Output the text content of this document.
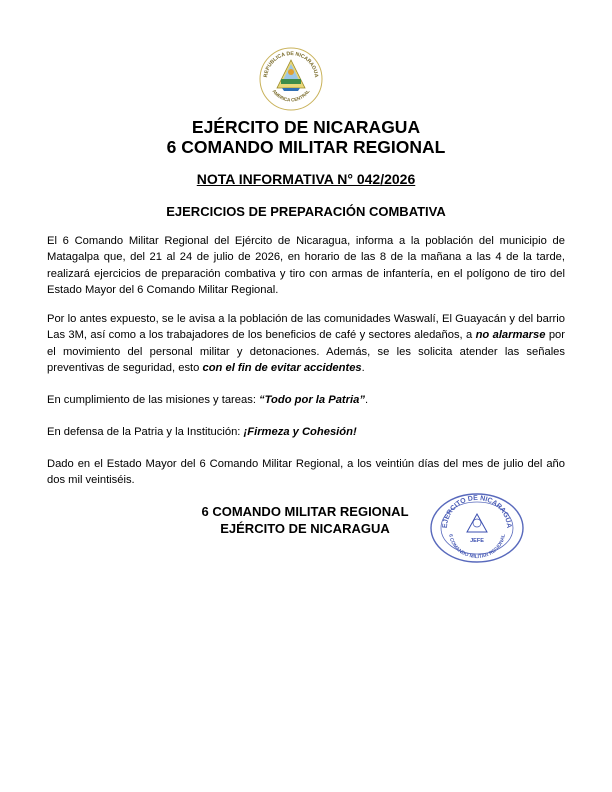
REPUBLICA DE NICARAGUA
AMERICA CENTRAL
EJÉRCITO DE NICARAGUA
6 COMANDO MILITAR REGIONAL
NOTA INFORMATIVA N° 042/2026
EJERCICIOS DE PREPARACIÓN COMBATIVA
El 6 Comando Militar Regional del Ejército de Nicaragua, informa a la población del municipio de Matagalpa que, del 21 al 24 de julio de 2026, en horario de las 8 de la mañana a las 4 de la tarde, realizará ejercicios de preparación combativa y tiro con armas de infantería, en el polígono de tiro del Estado Mayor del 6 Comando Militar Regional.
Por lo antes expuesto, se le avisa a la población de las comunidades Waswalí, El Guayacán y del barrio Las 3M, así como a los trabajadores de los beneficios de café y sectores aledaños, a no alarmarse por el movimiento del personal militar y detonaciones. Además, se les solicita atender las señales preventivas de seguridad, esto con el fin de evitar accidentes.
En cumplimiento de las misiones y tareas: “Todo por la Patria”.
En defensa de la Patria y la Institución: ¡Firmeza y Cohesión!
Dado en el Estado Mayor del 6 Comando Militar Regional, a los veintiún días del mes de julio del año dos mil veintiséis.
6 COMANDO MILITAR REGIONAL
EJÉRCITO DE NICARAGUA	EJERCITO DE NICARAGUA
6 COMANDO MILITAR REGIONAL
JEFE
